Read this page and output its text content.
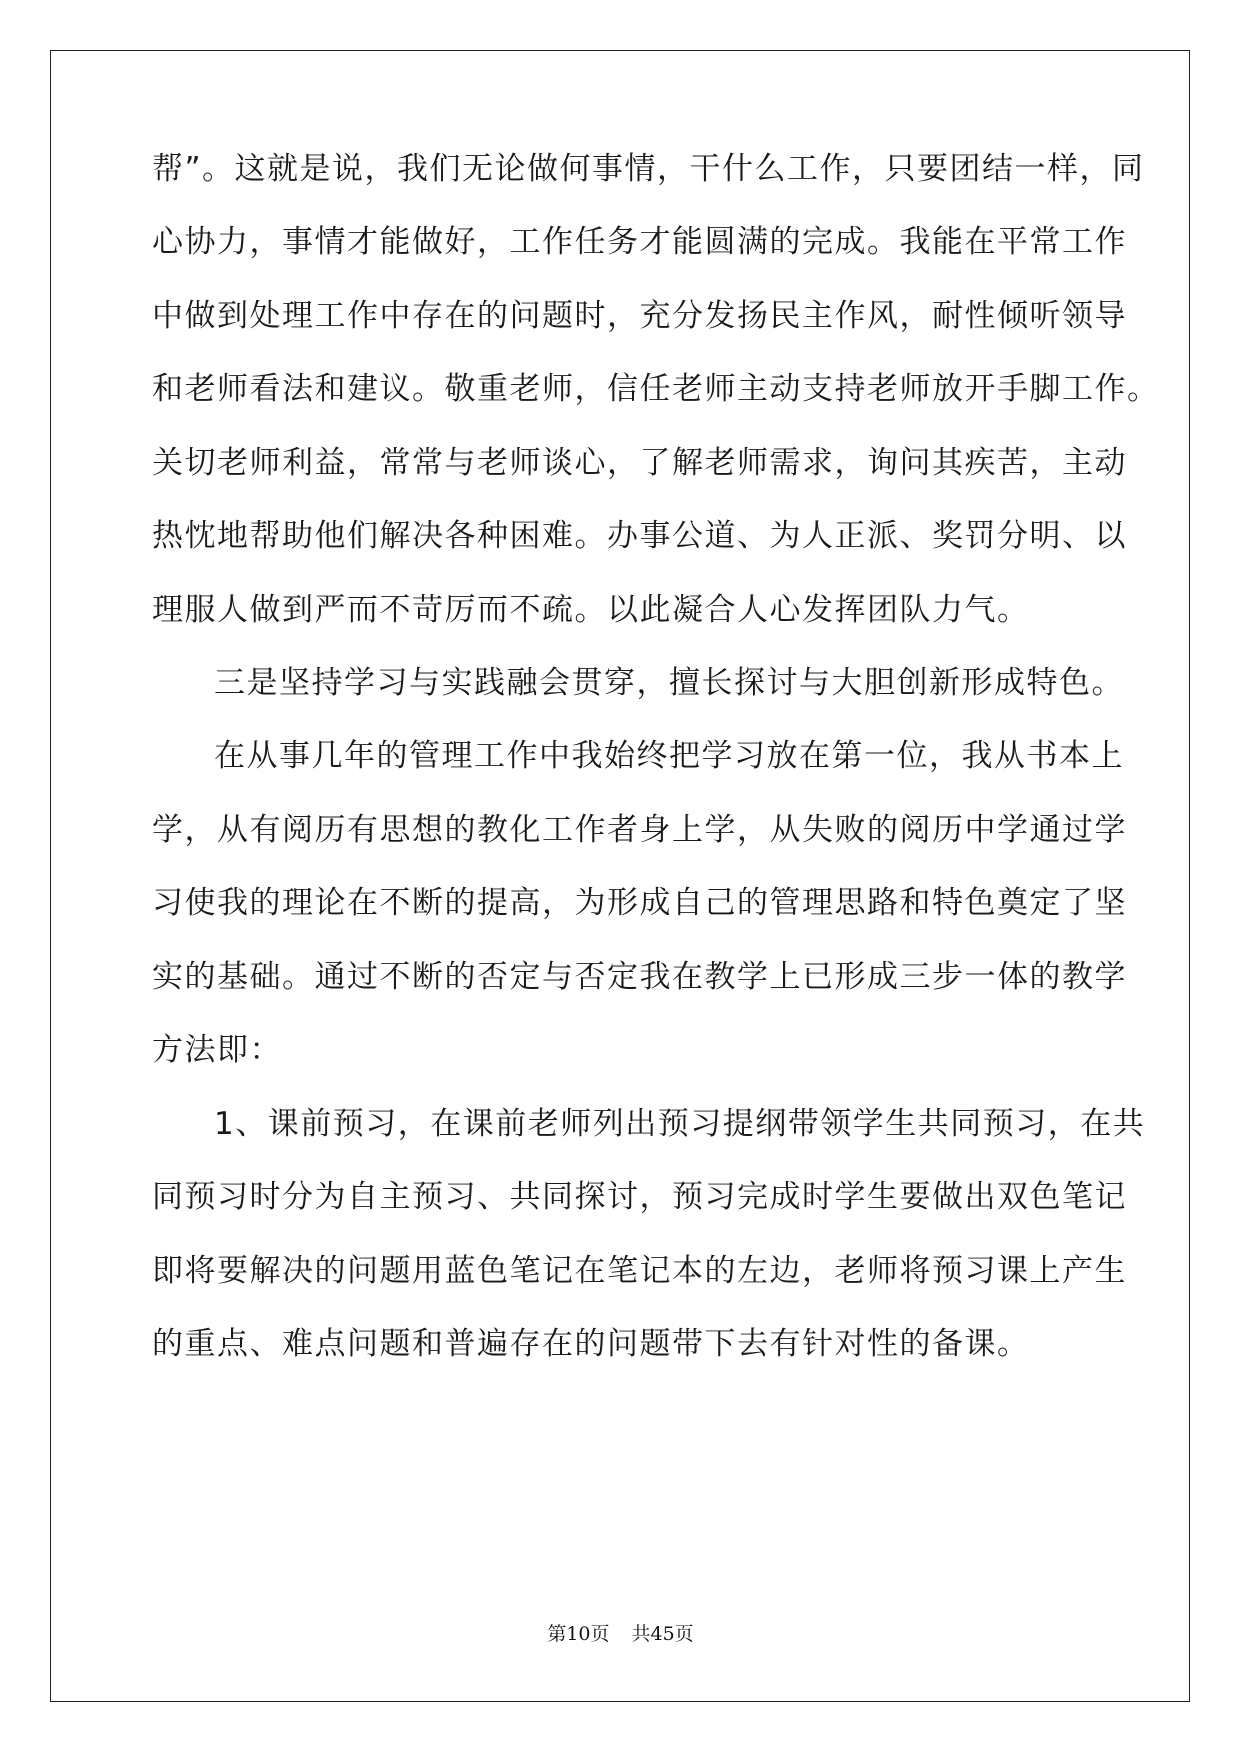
帮”。这就是说，我们无论做何事情，干什么工作，只要团结一样，同
心协力，事情才能做好，工作任务才能圆满的完成。我能在平常工作
中做到处理工作中存在的问题时，充分发扬民主作风，耐性倾听领导
和老师看法和建议。敬重老师，信任老师主动支持老师放开手脚工作。
关切老师利益，常常与老师谈心，了解老师需求，询问其疾苦，主动
热忱地帮助他们解决各种困难。办事公道、为人正派、奖罚分明、以
理服人做到严而不苛厉而不疏。以此凝合人心发挥团队力气。
三是坚持学习与实践融会贯穿，擅长探讨与大胆创新形成特色。
在从事几年的管理工作中我始终把学习放在第一位，我从书本上
学，从有阅历有思想的教化工作者身上学，从失败的阅历中学通过学
习使我的理论在不断的提高，为形成自己的管理思路和特色奠定了坚
实的基础。通过不断的否定与否定我在教学上已形成三步一体的教学
方法即：
1、课前预习，在课前老师列出预习提纲带领学生共同预习，在共
同预习时分为自主预习、共同探讨，预习完成时学生要做出双色笔记
即将要解决的问题用蓝色笔记在笔记本的左边，老师将预习课上产生
的重点、难点问题和普遍存在的问题带下去有针对性的备课。
第10页 共45页
